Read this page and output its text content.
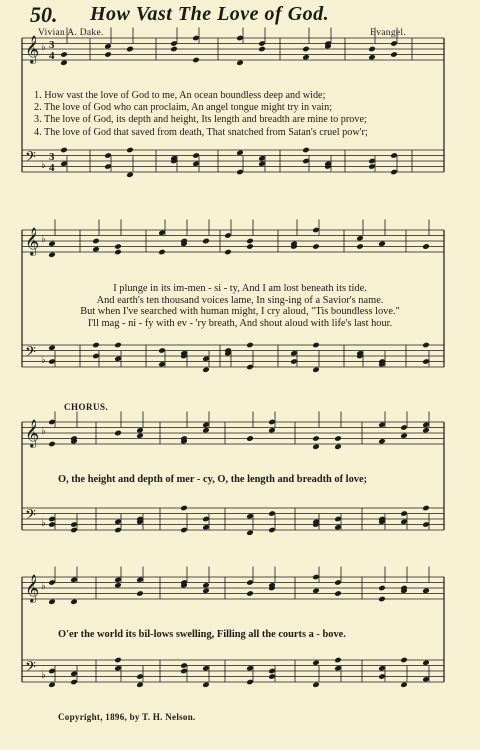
𝄞
𝄢
♭
♭
3
3
4
4
𝄞
𝄢
♭
♭
𝄞
𝄢
♭
♭
𝄞
𝄢
♭
♭
50. How Vast The Love of God.
Vivian A. Dake.	Evangel.
1. How vast the love of God to me, An ocean boundless deep and wide;
2. The love of God who can proclaim, An angel tongue might try in vain;
3. The love of God, its depth and height, Its length and breadth are mine to prove;
4. The love of God that saved from death, That snatched from Satan's cruel pow'r;
I plunge in its im-men - si - ty, And I am lost beneath its tide.
And earth's ten thousand voices lame, In sing-ing of a Savior's name.
But when I've searched with human might, I cry aloud, "Tis boundless love."
I'll mag - ni - fy with ev - 'ry breath, And shout aloud with life's last hour.
CHORUS.
O, the height and depth of mer - cy, O, the length and breadth of love;
O'er the world its bil-lows swelling, Filling all the courts a - bove.
Copyright, 1896, by T. H. Nelson.
